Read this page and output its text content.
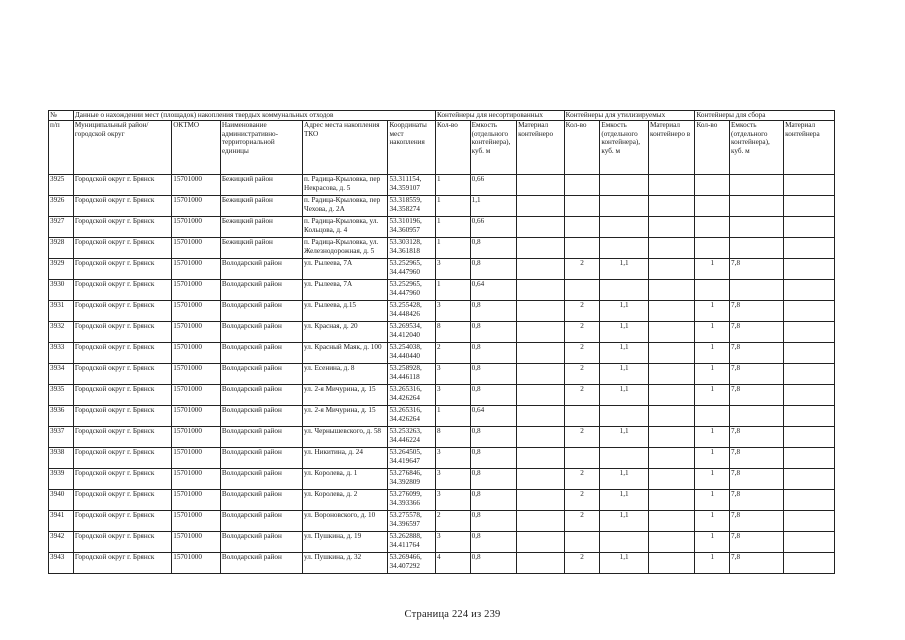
№	Данные о нахождении мест (площадок) накопления твердых коммунальных отходов					Контейнеры для несортированных			Контейнеры для утилизируемых			Контейнеры для сбора		
п/п	Муниципальный район/городской округ	ОКТМО	Наименование административно-территориальной единицы	Адрес места накопления ТКО	Координаты мест накопления	Кол-во	Емкость (отдельного контейнера), куб. м	Материал контейнеро	Кол-во	Емкость (отдельного контейнера), куб. м	Материал контейнеро в	Кол-во	Емкость (отдельного контейнера), куб. м	Материал контейнера
3925	Городской округ г. Брянск	15701000	Бежицкий район	п. Радица-Крыловка, пер Некрасова, д. 5	53.311154, 34.359107	1	0,66							
3926	Городской округ г. Брянск	15701000	Бежицкий район	п. Радица-Крыловка, пер Чехова, д. 2А	53.318559, 34.358274	1	1,1							
3927	Городской округ г. Брянск	15701000	Бежицкий район	п. Радица-Крыловка, ул. Кольцова, д. 4	53.310196, 34.360957	1	0,66							
3928	Городской округ г. Брянск	15701000	Бежицкий район	п. Радица-Крыловка, ул. Железнодорожная, д. 5	53.303128, 34.361818	1	0,8							
3929	Городской округ г. Брянск	15701000	Володарский район	ул. Рылеева, 7А	53.252965, 34.447960	3	0,8		2	1,1		1	7,8	
3930	Городской округ г. Брянск	15701000	Володарский район	ул. Рылеева, 7А	53.252965, 34.447960	1	0,64							
3931	Городской округ г. Брянск	15701000	Володарский район	ул. Рылеева, д.15	53.255428, 34.448426	3	0,8		2	1,1		1	7,8	
3932	Городской округ г. Брянск	15701000	Володарский район	ул. Красная, д. 20	53.269534, 34.412040	8	0,8		2	1,1		1	7,8	
3933	Городской округ г. Брянск	15701000	Володарский район	ул. Красный Маяк, д. 100	53.254038, 34.440440	2	0,8		2	1,1		1	7,8	
3934	Городской округ г. Брянск	15701000	Володарский район	ул. Есенина, д. 8	53.258928, 34.446118	3	0,8		2	1,1		1	7,8	
3935	Городской округ г. Брянск	15701000	Володарский район	ул. 2-я Мичурина, д. 15	53.265316, 34.426264	3	0,8		2	1,1		1	7,8	
3936	Городской округ г. Брянск	15701000	Володарский район	ул. 2-я Мичурина, д. 15	53.265316, 34.426264	1	0,64							
3937	Городской округ г. Брянск	15701000	Володарский район	ул. Чернышевского, д. 58	53.253263, 34.446224	8	0,8		2	1,1		1	7,8	
3938	Городской округ г. Брянск	15701000	Володарский район	ул. Никитина, д. 24	53.264505, 34.419647	3	0,8					1	7,8	
3939	Городской округ г. Брянск	15701000	Володарский район	ул. Королева, д. 1	53.276846, 34.392809	3	0,8		2	1,1		1	7,8	
3940	Городской округ г. Брянск	15701000	Володарский район	ул. Королева, д. 2	53.276099, 34.393366	3	0,8		2	1,1		1	7,8	
3941	Городской округ г. Брянск	15701000	Володарский район	ул. Вороновского, д. 10	53.275578, 34.396597	2	0,8		2	1,1		1	7,8	
3942	Городской округ г. Брянск	15701000	Володарский район	ул. Пушкина, д. 19	53.262888, 34.411764	3	0,8					1	7,8	
3943	Городской округ г. Брянск	15701000	Володарский район	ул. Пушкина, д. 32	53.269466, 34.407292	4	0,8		2	1,1		1	7,8	
Страница 224 из 239
